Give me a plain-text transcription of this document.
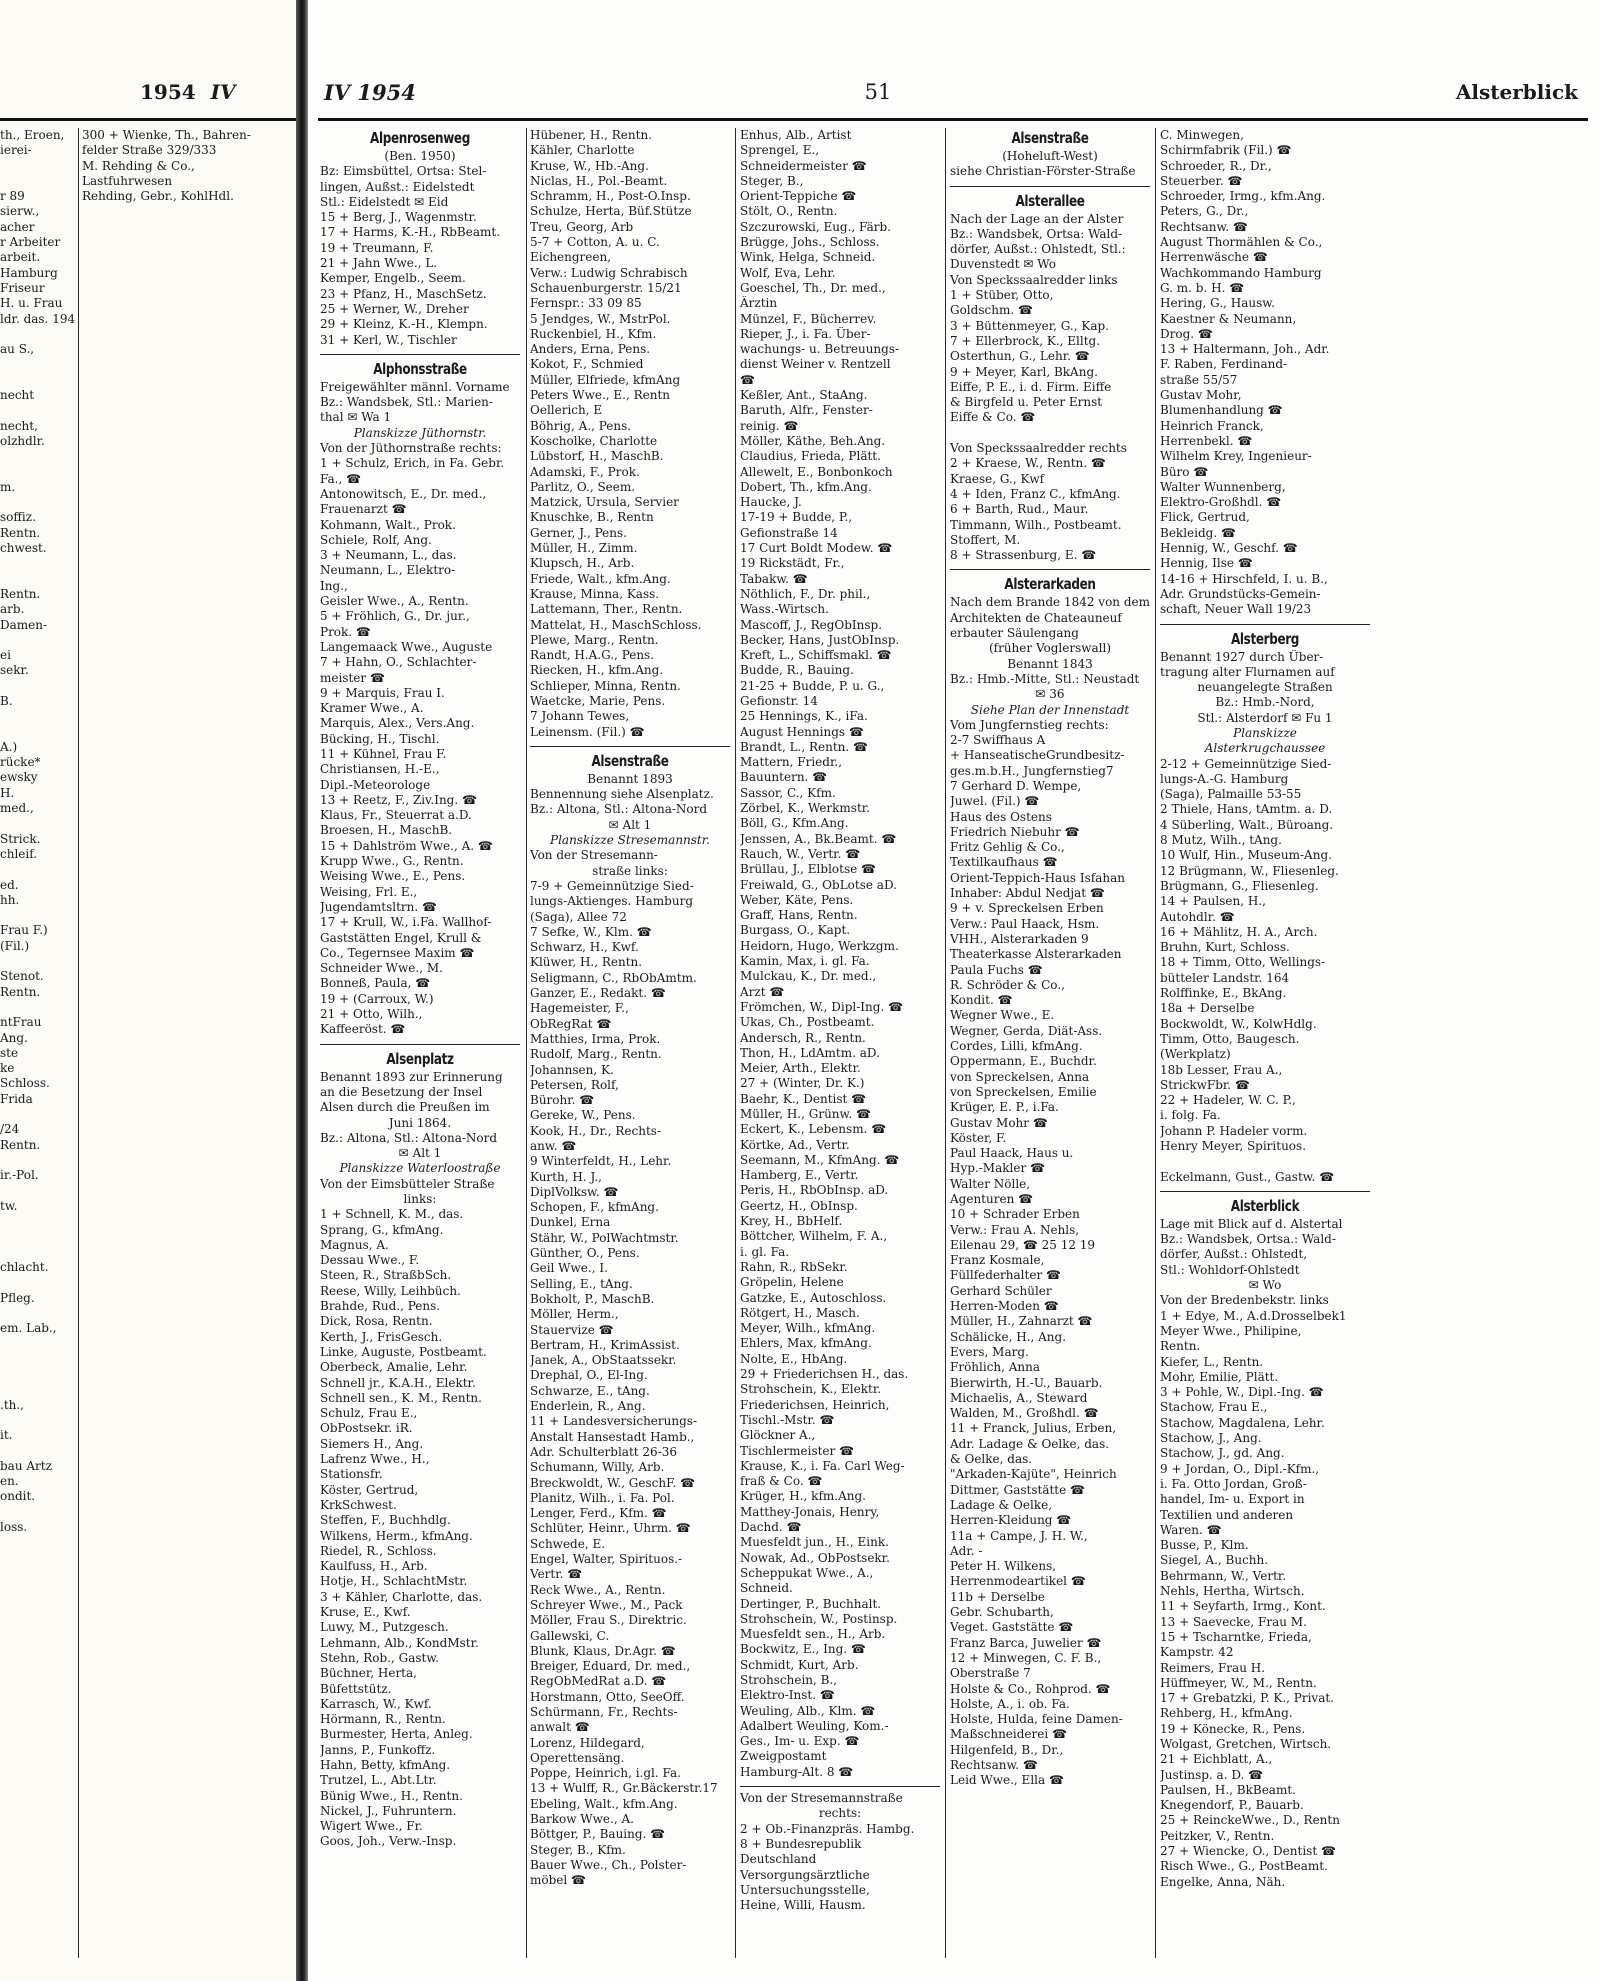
1954 IV
th., Eroen,
ierei-
r 89
sierw.,
acher
r Arbeiter
arbeit.
Hamburg
Friseur
H. u. Frau
ldr. das. 194
au S.,
necht
necht,
olzhdlr.
m.
soffiz.
Rentn.
chwest.
Rentn.
arb.
Damen-
ei
sekr.
B.
A.)
rücke*
ewsky
H.
med.,
Strick.
chleif.
ed.
hh.
Frau F.)
(Fil.)
Stenot.
Rentn.
ntFrau
Ang.
ste
ke
Schloss.
Frida
/24
Rentn.
ir.-Pol.
tw.
chlacht.
Pfleg.
em. Lab.,
.th.,
it.
bau Artz
en.
ondit.
loss.
300 + Wienke, Th., Bahren-
felder Straße 329/333
M. Rehding & Co.,
Lastfuhrwesen
Rehding, Gebr., KohlHdl.
IV 1954	51	Alsterblick
Alpenrosenweg
(Ben. 1950)
Bz: Eimsbüttel, Ortsa: Stel-
lingen, Außst.: Eidelstedt
Stl.: Eidelstedt ✉ Eid
15 + Berg, J., Wagenmstr.
17 + Harms, K.-H., RbBeamt.
19 + Treumann, F.
21 + Jahn Wwe., L.
Kemper, Engelb., Seem.
23 + Pfanz, H., MaschSetz.
25 + Werner, W., Dreher
29 + Kleinz, K.-H., Klempn.
31 + Kerl, W., Tischler
Alphonsstraße
Freigewählter männl. Vorname
Bz.: Wandsbek, Stl.: Marien-
thal ✉ Wa 1
Planskizze Jüthornstr.
Von der Jüthornstraße rechts:
1 + Schulz, Erich, in Fa. Gebr.
Fa., ☎
Antonowitsch, E., Dr. med.,
Frauenarzt ☎
Kohmann, Walt., Prok.
Schiele, Rolf, Ang.
3 + Neumann, L., das.
Neumann, L., Elektro-
Ing.,
Geisler Wwe., A., Rentn.
5 + Fröhlich, G., Dr. jur.,
Prok. ☎
Langemaack Wwe., Auguste
7 + Hahn, O., Schlachter-
meister ☎
9 + Marquis, Frau I.
Kramer Wwe., A.
Marquis, Alex., Vers.Ang.
Bücking, H., Tischl.
11 + Kühnel, Frau F.
Christiansen, H.-E.,
Dipl.-Meteorologe
13 + Reetz, F., Ziv.Ing. ☎
Klaus, Fr., Steuerrat a.D.
Broesen, H., MaschB.
15 + Dahlström Wwe., A. ☎
Krupp Wwe., G., Rentn.
Weising Wwe., E., Pens.
Weising, Frl. E.,
Jugendamtsltrn. ☎
17 + Krull, W., i.Fa. Wallhof-
Gaststätten Engel, Krull &
Co., Tegernsee Maxim ☎
Schneider Wwe., M.
Bonneß, Paula, ☎
19 + (Carroux, W.)
21 + Otto, Wilh.,
Kaffeeröst. ☎
Alsenplatz
Benannt 1893 zur Erinnerung
an die Besetzung der Insel
Alsen durch die Preußen im
Juni 1864.
Bz.: Altona, Stl.: Altona-Nord
✉ Alt 1
Planskizze Waterloostraße
Von der Eimsbütteler Straße
links:
1 + Schnell, K. M., das.
Sprang, G., kfmAng.
Magnus, A.
Dessau Wwe., F.
Steen, R., StraßbSch.
Reese, Willy, Leihbüch.
Brahde, Rud., Pens.
Dick, Rosa, Rentn.
Kerth, J., FrisGesch.
Linke, Auguste, Postbeamt.
Oberbeck, Amalie, Lehr.
Schnell jr., K.A.H., Elektr.
Schnell sen., K. M., Rentn.
Schulz, Frau E.,
ObPostsekr. iR.
Siemers H., Ang.
Lafrenz Wwe., H.,
Stationsfr.
Köster, Gertrud,
KrkSchwest.
Steffen, F., Buchhdlg.
Wilkens, Herm., kfmAng.
Riedel, R., Schloss.
Kaulfuss, H., Arb.
Hotje, H., SchlachtMstr.
3 + Kähler, Charlotte, das.
Kruse, E., Kwf.
Luwy, M., Putzgesch.
Lehmann, Alb., KondMstr.
Stehn, Rob., Gastw.
Büchner, Herta,
Büfettstütz.
Karrasch, W., Kwf.
Hörmann, R., Rentn.
Burmester, Herta, Anleg.
Janns, P., Funkoffz.
Hahn, Betty, kfmAng.
Trutzel, L., Abt.Ltr.
Bünig Wwe., H., Rentn.
Nickel, J., Fuhruntern.
Wigert Wwe., Fr.
Goos, Joh., Verw.-Insp.
Hübener, H., Rentn.
Kähler, Charlotte
Kruse, W., Hb.-Ang.
Niclas, H., Pol.-Beamt.
Schramm, H., Post-O.Insp.
Schulze, Herta, Büf.Stütze
Treu, Georg, Arb
5-7 + Cotton, A. u. C.
Eichengreen,
Verw.: Ludwig Schrabisch
Schauenburgerstr. 15/21
Fernspr.: 33 09 85
5 Jendges, W., MstrPol.
Ruckenbiel, H., Kfm.
Anders, Erna, Pens.
Kokot, F., Schmied
Müller, Elfriede, kfmAng
Peters Wwe., E., Rentn
Oellerich, E
Böhrig, A., Pens.
Koscholke, Charlotte
Lübstorf, H., MaschB.
Adamski, F., Prok.
Parlitz, O., Seem.
Matzick, Ursula, Servier
Knuschke, B., Rentn
Gerner, J., Pens.
Müller, H., Zimm.
Klupsch, H., Arb.
Friede, Walt., kfm.Ang.
Krause, Minna, Kass.
Lattemann, Ther., Rentn.
Mattelat, H., MaschSchloss.
Plewe, Marg., Rentn.
Randt, H.A.G., Pens.
Riecken, H., kfm.Ang.
Schlieper, Minna, Rentn.
Waetcke, Marie, Pens.
7 Johann Tewes,
Leinensm. (Fil.) ☎
Alsenstraße
Benannt 1893
Bennennung siehe Alsenplatz.
Bz.: Altona, Stl.: Altona-Nord
✉ Alt 1
Planskizze Stresemannstr.
Von der Stresemann-
straße links:
7-9 + Gemeinnützige Sied-
lungs-Aktienges. Hamburg
(Saga), Allee 72
7 Sefke, W., Klm. ☎
Schwarz, H., Kwf.
Klüwer, H., Rentn.
Seligmann, C., RbObAmtm.
Ganzer, E., Redakt. ☎
Hagemeister, F.,
ObRegRat ☎
Matthies, Irma, Prok.
Rudolf, Marg., Rentn.
Johannsen, K.
Petersen, Rolf,
Bürohr. ☎
Gereke, W., Pens.
Kook, H., Dr., Rechts-
anw. ☎
9 Winterfeldt, H., Lehr.
Kurth, H. J.,
DiplVolksw. ☎
Schopen, F., kfmAng.
Dunkel, Erna
Stähr, W., PolWachtmstr.
Günther, O., Pens.
Geil Wwe., I.
Selling, E., tAng.
Bokholt, P., MaschB.
Möller, Herm.,
Stauervize ☎
Bertram, H., KrimAssist.
Janek, A., ObStaatssekr.
Drephal, O., El-Ing.
Schwarze, E., tAng.
Enderlein, R., Ang.
11 + Landesversicherungs-
Anstalt Hansestadt Hamb.,
Adr. Schulterblatt 26-36
Schumann, Willy, Arb.
Breckwoldt, W., GeschF. ☎
Planitz, Wilh., i. Fa. Pol.
Lenger, Ferd., Kfm. ☎
Schlüter, Heinr., Uhrm. ☎
Schwede, E.
Engel, Walter, Spirituos.-
Vertr. ☎
Reck Wwe., A., Rentn.
Schreyer Wwe., M., Pack
Möller, Frau S., Direktric.
Gallewski, C.
Blunk, Klaus, Dr.Agr. ☎
Breiger, Eduard, Dr. med.,
RegObMedRat a.D. ☎
Horstmann, Otto, SeeOff.
Schürmann, Fr., Rechts-
anwalt ☎
Lorenz, Hildegard,
Operettensäng.
Poppe, Heinrich, i.gl. Fa.
13 + Wulff, R., Gr.Bäckerstr.17
Ebeling, Walt., kfm.Ang.
Barkow Wwe., A.
Böttger, P., Bauing. ☎
Steger, B., Kfm.
Bauer Wwe., Ch., Polster-
möbel ☎
Enhus, Alb., Artist
Sprengel, E.,
Schneidermeister ☎
Steger, B.,
Orient-Teppiche ☎
Stölt, O., Rentn.
Szczurowski, Eug., Färb.
Brügge, Johs., Schloss.
Wink, Helga, Schneid.
Wolf, Eva, Lehr.
Goeschel, Th., Dr. med.,
Ärztin
Münzel, F., Bücherrev.
Rieper, J., i. Fa. Über-
wachungs- u. Betreuungs-
dienst Weiner v. Rentzell
☎
Keßler, Ant., StaAng.
Baruth, Alfr., Fenster-
reinig. ☎
Möller, Käthe, Beh.Ang.
Claudius, Frieda, Plätt.
Allewelt, E., Bonbonkoch
Dobert, Th., kfm.Ang.
Haucke, J.
17-19 + Budde, P.,
Gefionstraße 14
17 Curt Boldt Modew. ☎
19 Rickstädt, Fr.,
Tabakw. ☎
Nöthlich, F., Dr. phil.,
Wass.-Wirtsch.
Mascoff, J., RegObInsp.
Becker, Hans, JustObInsp.
Kreft, L., Schiffsmakl. ☎
Budde, R., Bauing.
21-25 + Budde, P. u. G.,
Gefionstr. 14
25 Hennings, K., iFa.
August Hennings ☎
Brandt, L., Rentn. ☎
Mattern, Friedr.,
Bauuntern. ☎
Sassor, C., Kfm.
Zörbel, K., Werkmstr.
Böll, G., Kfm.Ang.
Jenssen, A., Bk.Beamt. ☎
Rauch, W., Vertr. ☎
Brüllau, J., Elblotse ☎
Freiwald, G., ObLotse aD.
Weber, Käte, Pens.
Graff, Hans, Rentn.
Burgass, O., Kapt.
Heidorn, Hugo, Werkzgm.
Kamin, Max, i. gl. Fa.
Mulckau, K., Dr. med.,
Arzt ☎
Frömchen, W., Dipl-Ing. ☎
Ukas, Ch., Postbeamt.
Andersch, R., Rentn.
Thon, H., LdAmtm. aD.
Meier, Arth., Elektr.
27 + (Winter, Dr. K.)
Baehr, K., Dentist ☎
Müller, H., Grünw. ☎
Eckert, K., Lebensm. ☎
Körtke, Ad., Vertr.
Seemann, M., KfmAng. ☎
Hamberg, E., Vertr.
Peris, H., RbObInsp. aD.
Geertz, H., ObInsp.
Krey, H., BbHelf.
Böttcher, Wilhelm, F. A.,
i. gl. Fa.
Rahn, R., RbSekr.
Gröpelin, Helene
Gatzke, E., Autoschloss.
Rötgert, H., Masch.
Meyer, Wilh., kfmAng.
Ehlers, Max, kfmAng.
Nolte, E., HbAng.
29 + Friederichsen H., das.
Strohschein, K., Elektr.
Friederichsen, Heinrich,
Tischl.-Mstr. ☎
Glöckner A.,
Tischlermeister ☎
Krause, K., i. Fa. Carl Weg-
fraß & Co. ☎
Krüger, H., kfm.Ang.
Matthey-Jonais, Henry,
Dachd. ☎
Muesfeldt jun., H., Eink.
Nowak, Ad., ObPostsekr.
Scheppukat Wwe., A.,
Schneid.
Dertinger, P., Buchhalt.
Strohschein, W., Postinsp.
Muesfeldt sen., H., Arb.
Bockwitz, E., Ing. ☎
Schmidt, Kurt, Arb.
Strohschein, B.,
Elektro-Inst. ☎
Weuling, Alb., Klm. ☎
Adalbert Weuling, Kom.-
Ges., Im- u. Exp. ☎
Zweigpostamt
Hamburg-Alt. 8 ☎
Von der Stresemannstraße
rechts:
2 + Ob.-Finanzpräs. Hambg.
8 + Bundesrepublik
Deutschland
Versorgungsärztliche
Untersuchungsstelle,
Heine, Willi, Hausm.
Alsenstraße
(Hoheluft-West)
siehe Christian-Förster-Straße
Alsterallee
Nach der Lage an der Alster
Bz.: Wandsbek, Ortsa: Wald-
dörfer, Außst.: Ohlstedt, Stl.:
Duvenstedt ✉ Wo
Von Speckssaalredder links
1 + Stüber, Otto,
Goldschm. ☎
3 + Büttenmeyer, G., Kap.
7 + Ellerbrock, K., Elltg.
Osterthun, G., Lehr. ☎
9 + Meyer, Karl, BkAng.
Eiffe, P. E., i. d. Firm. Eiffe
& Birgfeld u. Peter Ernst
Eiffe & Co. ☎
Von Speckssaalredder rechts
2 + Kraese, W., Rentn. ☎
Kraese, G., Kwf
4 + Iden, Franz C., kfmAng.
6 + Barth, Rud., Maur.
Timmann, Wilh., Postbeamt.
Stoffert, M.
8 + Strassenburg, E. ☎
Alsterarkaden
Nach dem Brande 1842 von dem
Architekten de Chateauneuf
erbauter Säulengang
(früher Voglerswall)
Benannt 1843
Bz.: Hmb.-Mitte, Stl.: Neustadt
✉ 36
Siehe Plan der Innenstadt
Vom Jungfernstieg rechts:
2-7 Swiffhaus A
+ HanseatischeGrundbesitz-
ges.m.b.H., Jungfernstieg7
7 Gerhard D. Wempe,
Juwel. (Fil.) ☎
Haus des Ostens
Friedrich Niebuhr ☎
Fritz Gehlig & Co.,
Textilkaufhaus ☎
Orient-Teppich-Haus Isfahan
Inhaber: Abdul Nedjat ☎
9 + v. Spreckelsen Erben
Verw.: Paul Haack, Hsm.
VHH., Alsterarkaden 9
Theaterkasse Alsterarkaden
Paula Fuchs ☎
R. Schröder & Co.,
Kondit. ☎
Wegner Wwe., E.
Wegner, Gerda, Diät-Ass.
Cordes, Lilli, kfmAng.
Oppermann, E., Buchdr.
von Spreckelsen, Anna
von Spreckelsen, Emilie
Krüger, E. P., i.Fa.
Gustav Mohr ☎
Köster, F.
Paul Haack, Haus u.
Hyp.-Makler ☎
Walter Nölle,
Agenturen ☎
10 + Schrader Erben
Verw.: Frau A. Nehls,
Eilenau 29, ☎ 25 12 19
Franz Kosmale,
Füllfederhalter ☎
Gerhard Schüler
Herren-Moden ☎
Müller, H., Zahnarzt ☎
Schälicke, H., Ang.
Evers, Marg.
Fröhlich, Anna
Bierwirth, H.-U., Bauarb.
Michaelis, A., Steward
Walden, M., Großhdl. ☎
11 + Franck, Julius, Erben,
Adr. Ladage & Oelke, das.
& Oelke, das.
"Arkaden-Kajüte", Heinrich
Dittmer, Gaststätte ☎
Ladage & Oelke,
Herren-Kleidung ☎
11a + Campe, J. H. W.,
Adr. -
Peter H. Wilkens,
Herrenmodeartikel ☎
11b + Derselbe
Gebr. Schubarth,
Veget. Gaststätte ☎
Franz Barca, Juwelier ☎
12 + Minwegen, C. F. B.,
Oberstraße 7
Holste & Co., Rohprod. ☎
Holste, A., i. ob. Fa.
Holste, Hulda, feine Damen-
Maßschneiderei ☎
Hilgenfeld, B., Dr.,
Rechtsanw. ☎
Leid Wwe., Ella ☎
C. Minwegen,
Schirmfabrik (Fil.) ☎
Schroeder, R., Dr.,
Steuerber. ☎
Schroeder, Irmg., kfm.Ang.
Peters, G., Dr.,
Rechtsanw. ☎
August Thormählen & Co.,
Herrenwäsche ☎
Wachkommando Hamburg
G. m. b. H. ☎
Hering, G., Hausw.
Kaestner & Neumann,
Drog. ☎
13 + Haltermann, Joh., Adr.
F. Raben, Ferdinand-
straße 55/57
Gustav Mohr,
Blumenhandlung ☎
Heinrich Franck,
Herrenbekl. ☎
Wilhelm Krey, Ingenieur-
Büro ☎
Walter Wunnenberg,
Elektro-Großhdl. ☎
Flick, Gertrud,
Bekleidg. ☎
Hennig, W., Geschf. ☎
Hennig, Ilse ☎
14-16 + Hirschfeld, I. u. B.,
Adr. Grundstücks-Gemein-
schaft, Neuer Wall 19/23
Alsterberg
Benannt 1927 durch Über-
tragung alter Flurnamen auf
neuangelegte Straßen
Bz.: Hmb.-Nord,
Stl.: Alsterdorf ✉ Fu 1
Planskizze
Alsterkrugchaussee
2-12 + Gemeinnützige Sied-
lungs-A.-G. Hamburg
(Saga), Palmaille 53-55
2 Thiele, Hans, tAmtm. a. D.
4 Süberling, Walt., Büroang.
8 Mutz, Wilh., tAng.
10 Wulf, Hin., Museum-Ang.
12 Brügmann, W., Fliesenleg.
Brügmann, G., Fliesenleg.
14 + Paulsen, H.,
Autohdlr. ☎
16 + Mählitz, H. A., Arch.
Bruhn, Kurt, Schloss.
18 + Timm, Otto, Wellings-
bütteler Landstr. 164
Rolffinke, E., BkAng.
18a + Derselbe
Bockwoldt, W., KolwHdlg.
Timm, Otto, Baugesch.
(Werkplatz)
18b Lesser, Frau A.,
StrickwFbr. ☎
22 + Hadeler, W. C. P.,
i. folg. Fa.
Johann P. Hadeler vorm.
Henry Meyer, Spirituos.
Eckelmann, Gust., Gastw. ☎
Alsterblick
Lage mit Blick auf d. Alstertal
Bz.: Wandsbek, Ortsa.: Wald-
dörfer, Außst.: Ohlstedt,
Stl.: Wohldorf-Ohlstedt
✉ Wo
Von der Bredenbekstr. links
1 + Edye, M., A.d.Drosselbek1
Meyer Wwe., Philipine,
Rentn.
Kiefer, L., Rentn.
Mohr, Emilie, Plätt.
3 + Pohle, W., Dipl.-Ing. ☎
Stachow, Frau E.,
Stachow, Magdalena, Lehr.
Stachow, J., Ang.
Stachow, J., gd. Ang.
9 + Jordan, O., Dipl.-Kfm.,
i. Fa. Otto Jordan, Groß-
handel, Im- u. Export in
Textilien und anderen
Waren. ☎
Busse, P., Klm.
Siegel, A., Buchh.
Behrmann, W., Vertr.
Nehls, Hertha, Wirtsch.
11 + Seyfarth, Irmg., Kont.
13 + Saevecke, Frau M.
15 + Tscharntke, Frieda,
Kampstr. 42
Reimers, Frau H.
Hüffmeyer, W., M., Rentn.
17 + Grebatzki, P. K., Privat.
Rehberg, H., kfmAng.
19 + Könecke, R., Pens.
Wolgast, Gretchen, Wirtsch.
21 + Eichblatt, A.,
Justinsp. a. D. ☎
Paulsen, H., BkBeamt.
Knegendorf, P., Bauarb.
25 + ReinckeWwe., D., Rentn
Peitzker, V., Rentn.
27 + Wiencke, O., Dentist ☎
Risch Wwe., G., PostBeamt.
Engelke, Anna, Näh.
